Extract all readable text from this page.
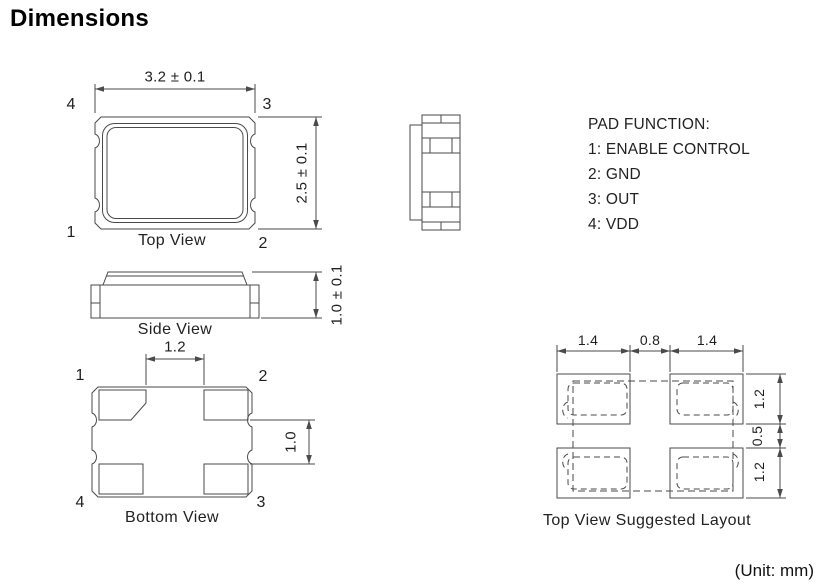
Dimensions
3.2 ± 0.1
2.5 ± 0.1
4	3
1
2
Top View
Side View
1.0 ± 0.1
PAD FUNCTION:
1: ENABLE CONTROL
2: GND
3: OUT
4: VDD
1.2
1.0
1	2
4	3
Bottom View
1.4	0.8	1.4
1.2
0.5
1.2
Top View Suggested Layout
(Unit: mm)
